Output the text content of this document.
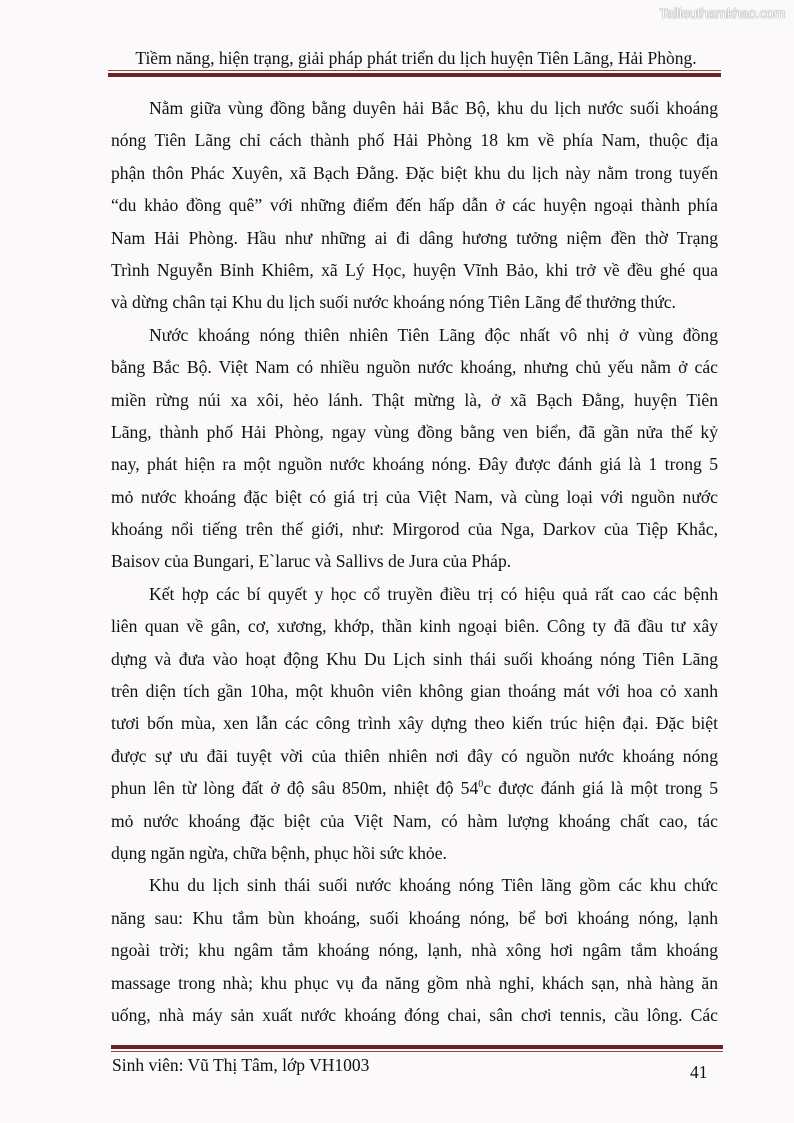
Tailieuthamkhao.com
Tiềm năng, hiện trạng, giải pháp phát triển du lịch huyện Tiên Lãng, Hải Phòng.
Nằm giữa vùng đồng bằng duyên hải Bắc Bộ, khu du lịch nước suối khoáng
nóng Tiên Lãng chỉ cách thành phố Hải Phòng 18 km về phía Nam, thuộc địa
phận thôn Phác Xuyên, xã Bạch Đằng. Đặc biệt khu du lịch này nằm trong tuyến
“du khảo đồng quê” với những điểm đến hấp dẫn ở các huyện ngoại thành phía
Nam Hải Phòng. Hầu như những ai đi dâng hương tưởng niệm đền thờ Trạng
Trình Nguyễn Bỉnh Khiêm, xã Lý Học, huyện Vĩnh Bảo, khi trở về đều ghé qua
và dừng chân tại Khu du lịch suối nước khoáng nóng Tiên Lãng để thưởng thức.
Nước khoáng nóng thiên nhiên Tiên Lãng độc nhất vô nhị ở vùng đồng
bằng Bắc Bộ. Việt Nam có nhiều nguồn nước khoáng, nhưng chủ yếu nằm ở các
miền rừng núi xa xôi, hẻo lánh. Thật mừng là, ở xã Bạch Đằng, huyện Tiên
Lãng, thành phố Hải Phòng, ngay vùng đồng bằng ven biển, đã gần nửa thế kỷ
nay, phát hiện ra một nguồn nước khoáng nóng. Đây được đánh giá là 1 trong 5
mỏ nước khoáng đặc biệt có giá trị của Việt Nam, và cùng loại với nguồn nước
khoáng nổi tiếng trên thế giới, như: Mirgorod của Nga, Darkov của Tiệp Khắc,
Baisov của Bungari, E`laruc và Sallivs de Jura của Pháp.
Kết hợp các bí quyết y học cổ truyền điều trị có hiệu quả rất cao các bệnh
liên quan về gân, cơ, xương, khớp, thần kinh ngoại biên. Công ty đã đầu tư xây
dựng và đưa vào hoạt động Khu Du Lịch sinh thái suối khoáng nóng Tiên Lãng
trên diện tích gần 10ha, một khuôn viên không gian thoáng mát với hoa cỏ xanh
tươi bốn mùa, xen lẫn các công trình xây dựng theo kiến trúc hiện đại. Đặc biệt
được sự ưu đãi tuyệt vời của thiên nhiên nơi đây có nguồn nước khoáng nóng
phun lên từ lòng đất ở độ sâu 850m, nhiệt độ $54^0c$ được đánh giá là một trong 5
mỏ nước khoáng đặc biệt của Việt Nam, có hàm lượng khoáng chất cao, tác
dụng ngăn ngừa, chữa bệnh, phục hồi sức khỏe.
Khu du lịch sinh thái suối nước khoáng nóng Tiên lãng gồm các khu chức
năng sau: Khu tắm bùn khoáng, suối khoáng nóng, bể bơi khoáng nóng, lạnh
ngoài trời; khu ngâm tắm khoáng nóng, lạnh, nhà xông hơi ngâm tắm khoáng
massage trong nhà; khu phục vụ đa năng gồm nhà nghỉ, khách sạn, nhà hàng ăn
uống, nhà máy sản xuất nước khoáng đóng chai, sân chơi tennis, cầu lông. Các
Sinh viên: Vũ Thị Tâm, lớp VH1003	41
